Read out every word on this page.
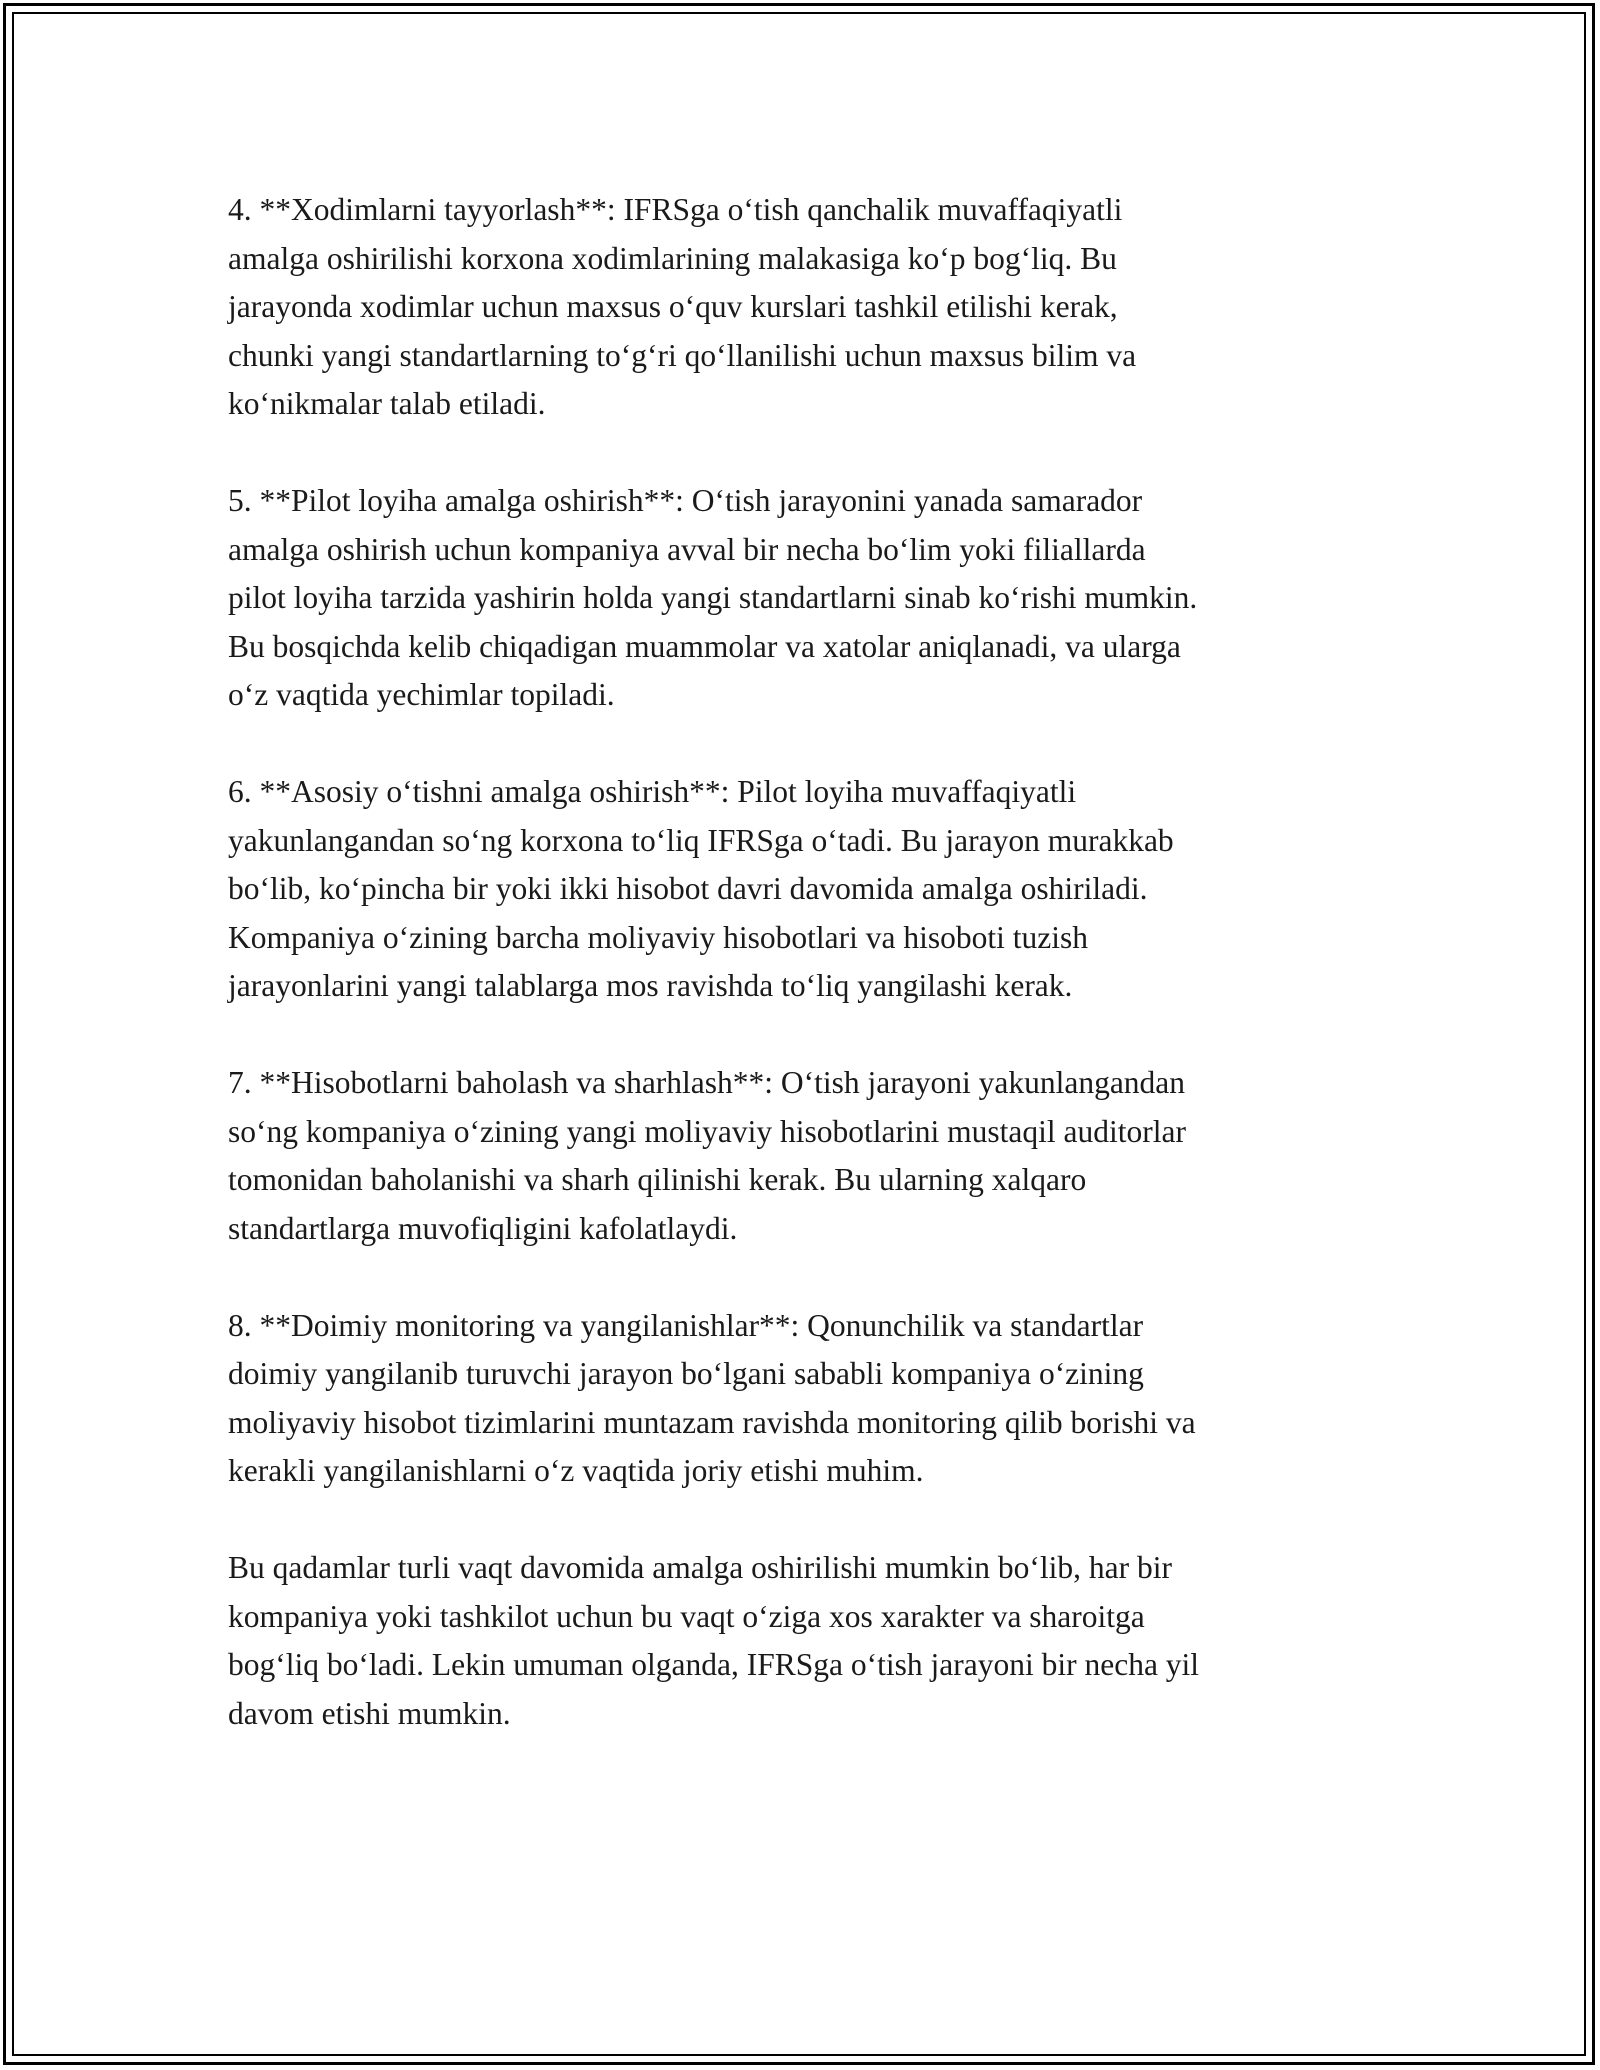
4. **Xodimlarni tayyorlash**: IFRSga o‘tish qanchalik muvaffaqiyatli
amalga oshirilishi korxona xodimlarining malakasiga ko‘p bog‘liq. Bu
jarayonda xodimlar uchun maxsus o‘quv kurslari tashkil etilishi kerak,
chunki yangi standartlarning to‘g‘ri qo‘llanilishi uchun maxsus bilim va
ko‘nikmalar talab etiladi.

5. **Pilot loyiha amalga oshirish**: O‘tish jarayonini yanada samarador
amalga oshirish uchun kompaniya avval bir necha bo‘lim yoki filiallarda
pilot loyiha tarzida yashirin holda yangi standartlarni sinab ko‘rishi mumkin.
Bu bosqichda kelib chiqadigan muammolar va xatolar aniqlanadi, va ularga
o‘z vaqtida yechimlar topiladi.

6. **Asosiy o‘tishni amalga oshirish**: Pilot loyiha muvaffaqiyatli
yakunlangandan so‘ng korxona to‘liq IFRSga o‘tadi. Bu jarayon murakkab
bo‘lib, ko‘pincha bir yoki ikki hisobot davri davomida amalga oshiriladi.
Kompaniya o‘zining barcha moliyaviy hisobotlari va hisoboti tuzish
jarayonlarini yangi talablarga mos ravishda to‘liq yangilashi kerak.

7. **Hisobotlarni baholash va sharhlash**: O‘tish jarayoni yakunlangandan
so‘ng kompaniya o‘zining yangi moliyaviy hisobotlarini mustaqil auditorlar
tomonidan baholanishi va sharh qilinishi kerak. Bu ularning xalqaro
standartlarga muvofiqligini kafolatlaydi.

8. **Doimiy monitoring va yangilanishlar**: Qonunchilik va standartlar
doimiy yangilanib turuvchi jarayon bo‘lgani sababli kompaniya o‘zining
moliyaviy hisobot tizimlarini muntazam ravishda monitoring qilib borishi va
kerakli yangilanishlarni o‘z vaqtida joriy etishi muhim.

Bu qadamlar turli vaqt davomida amalga oshirilishi mumkin bo‘lib, har bir
kompaniya yoki tashkilot uchun bu vaqt o‘ziga xos xarakter va sharoitga
bog‘liq bo‘ladi. Lekin umuman olganda, IFRSga o‘tish jarayoni bir necha yil
davom etishi mumkin.
